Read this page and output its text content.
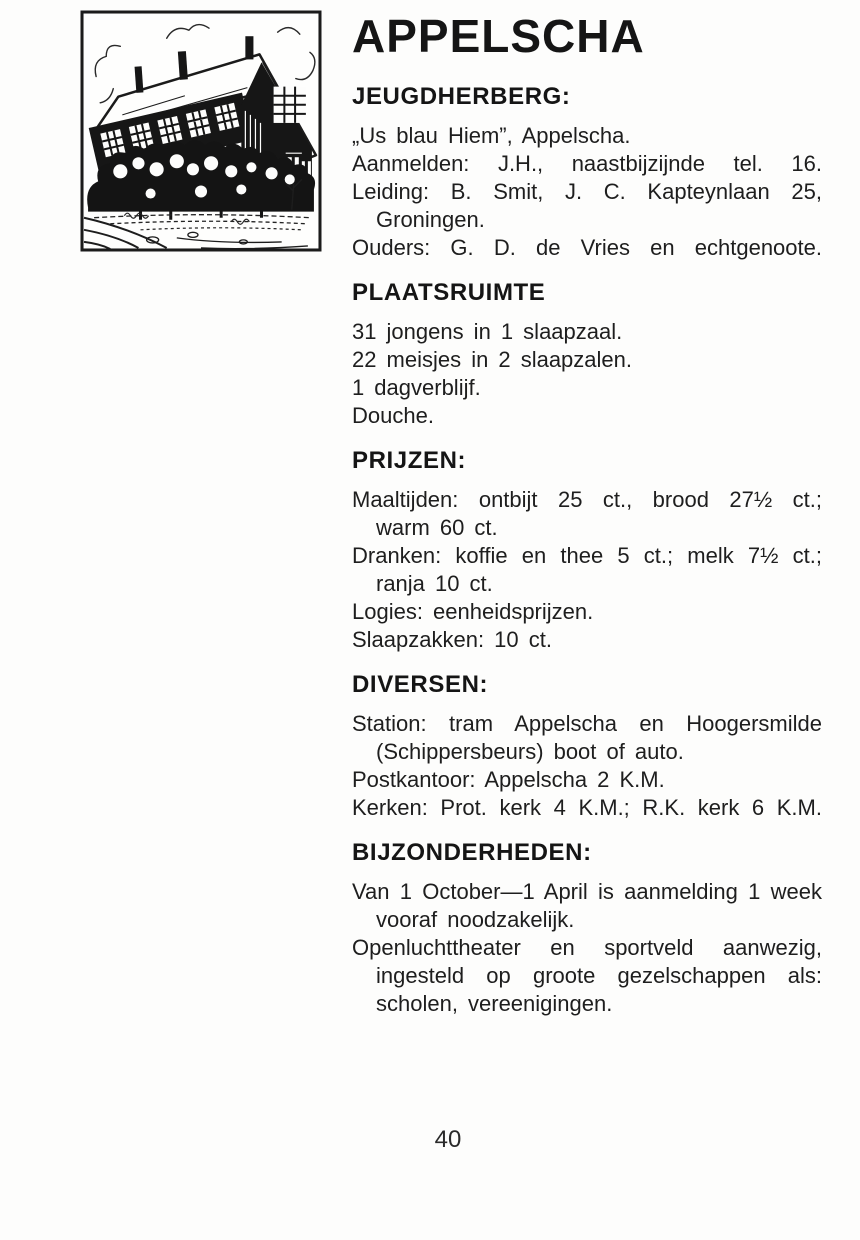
APPELSCHA
JEUGDHERBERG:

„Us blau Hiem”, Appelscha.

Aanmelden: J.H., naastbijzijnde tel. 16.

Leiding: B. Smit, J. C. Kapteynlaan 25,

Groningen.

Ouders: G. D. de Vries en echtgenoote.

PLAATSRUIMTE

31 jongens in 1 slaapzaal.

22 meisjes in 2 slaapzalen.

1 dagverblijf.

Douche.

PRIJZEN:

Maaltijden: ontbijt 25 ct., brood 27½ ct.;

warm 60 ct.

Dranken: koffie en thee 5 ct.; melk 7½ ct.;

ranja 10 ct.

Logies: eenheidsprijzen.

Slaapzakken: 10 ct.

DIVERSEN:

Station: tram Appelscha en Hoogersmilde

(Schippersbeurs) boot of auto.

Postkantoor: Appelscha 2 K.M.

Kerken: Prot. kerk 4 K.M.; R.K. kerk 6 K.M.

BIJZONDERHEDEN:

Van 1 October—1 April is aanmelding 1 week

vooraf noodzakelijk.

Openluchttheater en sportveld aanwezig,

ingesteld op groote gezelschappen als:

scholen, vereenigingen.

40
